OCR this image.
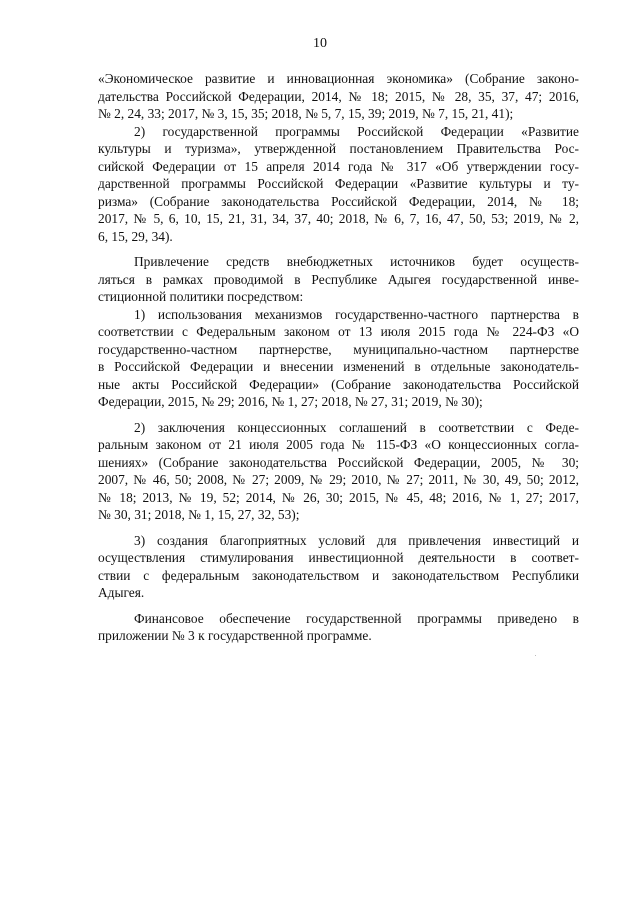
10
«Экономическое развитие и инновационная экономика» (Собрание законо-
дательства Российской Федерации, 2014, № 18; 2015, № 28, 35, 37, 47; 2016,
№ 2, 24, 33; 2017, № 3, 15, 35; 2018, № 5, 7, 15, 39; 2019, № 7, 15, 21, 41);
2) государственной программы Российской Федерации «Развитие
культуры и туризма», утвержденной постановлением Правительства Рос-
сийской Федерации от 15 апреля 2014 года № 317 «Об утверждении госу-
дарственной программы Российской Федерации «Развитие культуры и ту-
ризма» (Собрание законодательства Российской Федерации, 2014, № 18;
2017, № 5, 6, 10, 15, 21, 31, 34, 37, 40; 2018, № 6, 7, 16, 47, 50, 53; 2019, № 2,
6, 15, 29, 34).
Привлечение средств внебюджетных источников будет осуществ-
ляться в рамках проводимой в Республике Адыгея государственной инве-
стиционной политики посредством:
1) использования механизмов государственно-частного партнерства в
соответствии с Федеральным законом от 13 июля 2015 года № 224-ФЗ «О
государственно-частном партнерстве, муниципально-частном партнерстве
в Российской Федерации и внесении изменений в отдельные законодатель-
ные акты Российской Федерации» (Собрание законодательства Российской
Федерации, 2015, № 29; 2016, № 1, 27; 2018, № 27, 31; 2019, № 30);
2) заключения концессионных соглашений в соответствии с Феде-
ральным законом от 21 июля 2005 года № 115-ФЗ «О концессионных согла-
шениях» (Собрание законодательства Российской Федерации, 2005, № 30;
2007, № 46, 50; 2008, № 27; 2009, № 29; 2010, № 27; 2011, № 30, 49, 50; 2012,
№ 18; 2013, № 19, 52; 2014, № 26, 30; 2015, № 45, 48; 2016, № 1, 27; 2017,
№ 30, 31; 2018, № 1, 15, 27, 32, 53);
3) создания благоприятных условий для привлечения инвестиций и
осуществления стимулирования инвестиционной деятельности в соответ-
ствии с федеральным законодательством и законодательством Республики
Адыгея.
Финансовое обеспечение государственной программы приведено в
приложении № 3 к государственной программе.
